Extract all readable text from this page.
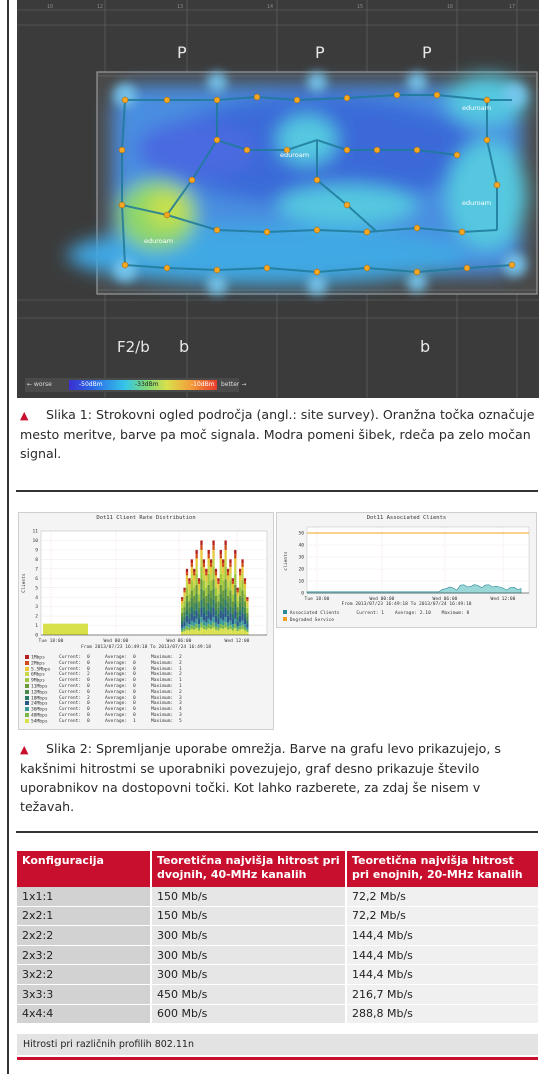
10	12	13	14	15	16	17
P	P	P
F2/b b	b
eduroam
eduroam
eduroam
eduroam
← worse	-50dBm	-33dBm	-10dBm better →
▲ Slika 1: Strokovni ogled področja (angl.: site survey). Oranžna točka označuje mesto meritve, barve pa moč signala. Modra pomeni šibek, rdeča pa zelo močan signal.
Dot11 Client Rate Distribution
11
10
9
8
7
6
5
4
3
2
1
0
Tue 18:00	Wed 00:00	Wed 06:00	Wed 12:00
Clients
From 2013/07/23 16:49:18 To 2013/07/24 16:49:18
1Mbps	Current: 0	Average: 0	Maximum: 2
2Mbps	Current: 0	Average: 0	Maximum: 2
5.5Mbps Current: 0	Average: 0	Maximum: 1
6Mbps	Current: 2	Average: 0	Maximum: 2
9Mbps	Current: 0	Average: 0	Maximum: 1
11Mbps Current: 0	Average: 0	Maximum: 1
12Mbps Current: 0	Average: 0	Maximum: 2
18Mbps Current: 2	Average: 0	Maximum: 3
24Mbps Current: 0	Average: 0	Maximum: 3
36Mbps Current: 0	Average: 0	Maximum: 4
48Mbps Current: 0	Average: 0	Maximum: 3
54Mbps Current: 0	Average: 1	Maximum: 5
Dot11 Associated Clients
50
40
30
20
10
0
Tue 18:00	Wed 00:00	Wed 06:00	Wed 12:00
clients
From 2013/07/23 16:49:18 To 2013/07/24 16:49:18
Associated Clients	Current: 1 Average: 2.10 Maximum: 8
Degraded Service
▲ Slika 2: Spremljanje uporabe omrežja. Barve na grafu levo prikazujejo, s kakšnimi hitrostmi se uporabniki povezujejo, graf desno prikazuje število uporabnikov na dostopovni točki. Kot lahko razberete, za zdaj še nisem v težavah.
Konfiguracija	Teoretična najvišja hitrost pri dvojnih, 40-MHz kanalih	Teoretična najvišja hitrost pri enojnih, 20-MHz kanalih
1x1:1	150 Mb/s	72,2 Mb/s
2x2:1	150 Mb/s	72,2 Mb/s
2x2:2	300 Mb/s	144,4 Mb/s
2x3:2	300 Mb/s	144,4 Mb/s
3x2:2	300 Mb/s	144,4 Mb/s
3x3:3	450 Mb/s	216,7 Mb/s
4x4:4	600 Mb/s	288,8 Mb/s
Hitrosti pri različnih profilih 802.11n
